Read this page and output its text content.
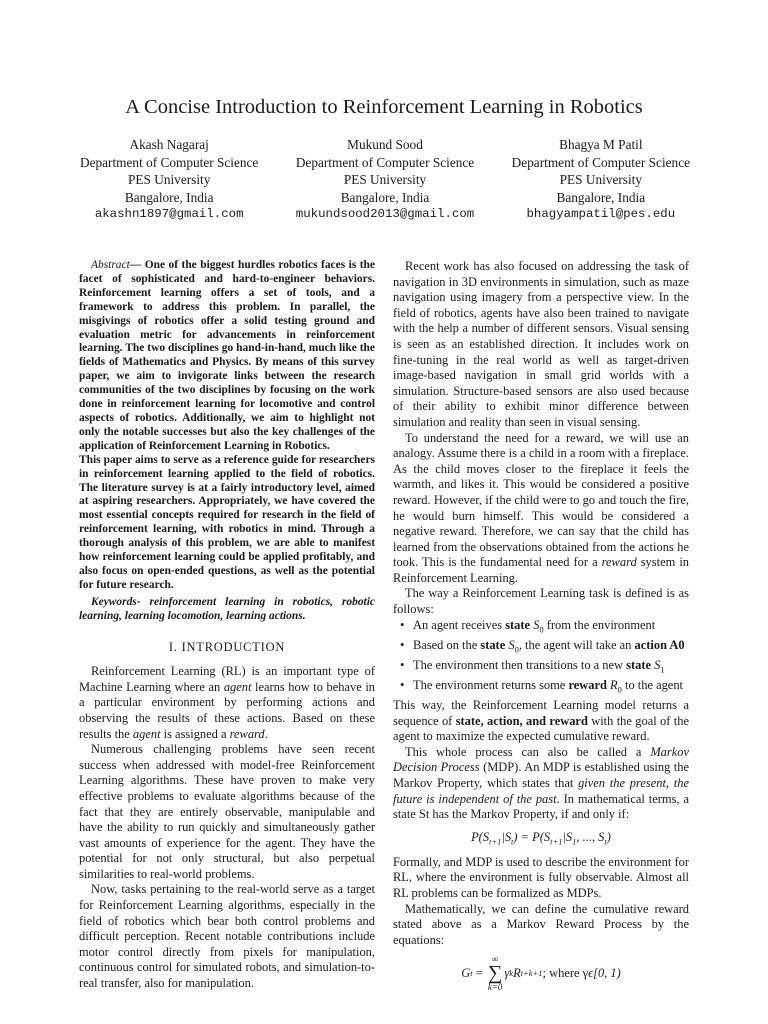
A Concise Introduction to Reinforcement Learning in Robotics
Akash Nagaraj
Department of Computer Science
PES University
Bangalore, India
akashn1897@gmail.com
Mukund Sood
Department of Computer Science
PES University
Bangalore, India
mukundsood2013@gmail.com
Bhagya M Patil
Department of Computer Science
PES University
Bangalore, India
bhagyampatil@pes.edu

Abstract— One of the biggest hurdles robotics faces is the facet of sophisticated and hard-to-engineer behaviors. Reinforcement learning offers a set of tools, and a framework to address this problem. In parallel, the misgivings of robotics offer a solid testing ground and evaluation metric for advancements in reinforcement learning. The two disciplines go hand-in-hand, much like the fields of Mathematics and Physics. By means of this survey paper, we aim to invigorate links between the research communities of the two disciplines by focusing on the work done in reinforcement learning for locomotive and control aspects of robotics. Additionally, we aim to highlight not only the notable successes but also the key challenges of the application of Reinforcement Learning in Robotics.

This paper aims to serve as a reference guide for researchers in reinforcement learning applied to the field of robotics. The literature survey is at a fairly introductory level, aimed at aspiring researchers. Appropriately, we have covered the most essential concepts required for research in the field of reinforcement learning, with robotics in mind. Through a thorough analysis of this problem, we are able to manifest how reinforcement learning could be applied profitably, and also focus on open-ended questions, as well as the potential for future research.

Keywords- reinforcement learning in robotics, robotic learning, learning locomotion, learning actions.

I. INTRODUCTION

Reinforcement Learning (RL) is an important type of Machine Learning where an agent learns how to behave in a particular environment by performing actions and observing the results of these actions. Based on these results the agent is assigned a reward.

Numerous challenging problems have seen recent success when addressed with model-free Reinforcement Learning algorithms. These have proven to make very effective problems to evaluate algorithms because of the fact that they are entirely observable, manipulable and have the ability to run quickly and simultaneously gather vast amounts of experience for the agent. They have the potential for not only structural, but also perpetual similarities to real-world problems.

Now, tasks pertaining to the real-world serve as a target for Reinforcement Learning algorithms, especially in the field of robotics which bear both control problems and difficult perception. Recent notable contributions include motor control directly from pixels for manipulation, continuous control for simulated robots, and simulation-to-real transfer, also for manipulation.

Recent work has also focused on addressing the task of navigation in 3D environments in simulation, such as maze navigation using imagery from a perspective view. In the field of robotics, agents have also been trained to navigate with the help a number of different sensors. Visual sensing is seen as an established direction. It includes work on fine-tuning in the real world as well as target-driven image-based navigation in small grid worlds with a simulation. Structure-based sensors are also used because of their ability to exhibit minor difference between simulation and reality than seen in visual sensing.

To understand the need for a reward, we will use an analogy. Assume there is a child in a room with a fireplace. As the child moves closer to the fireplace it feels the warmth, and likes it. This would be considered a positive reward. However, if the child were to go and touch the fire, he would burn himself. This would be considered a negative reward. Therefore, we can say that the child has learned from the observations obtained from the actions he took. This is the fundamental need for a reward system in Reinforcement Learning.

The way a Reinforcement Learning task is defined is as follows:

• An agent receives state $S_0$ from the environment
• Based on the state $S_0$, the agent will take an action A0
• The environment then transitions to a new state $S_1$
• The environment returns some reward $R_0$ to the agent

This way, the Reinforcement Learning model returns a sequence of state, action, and reward with the goal of the agent to maximize the expected cumulative reward.

This whole process can also be called a Markov Decision Process (MDP). An MDP is established using the Markov Property, which states that given the present, the future is independent of the past. In mathematical terms, a state St has the Markov Property, if and only if:

$P(S_{t+1}|S_t) = P(S_{t+1}|S_1$, ..., $S_t$)

Formally, and MDP is used to describe the environment for RL, where the environment is fully observable. Almost all RL problems can be formalized as MDPs.

Mathematically, we can define the cumulative reward stated above as a Markov Reward Process by the equations:

G t =
∞
∑
k=0
γ k R t+k+1 ; where γ ϵ[0, 1)
